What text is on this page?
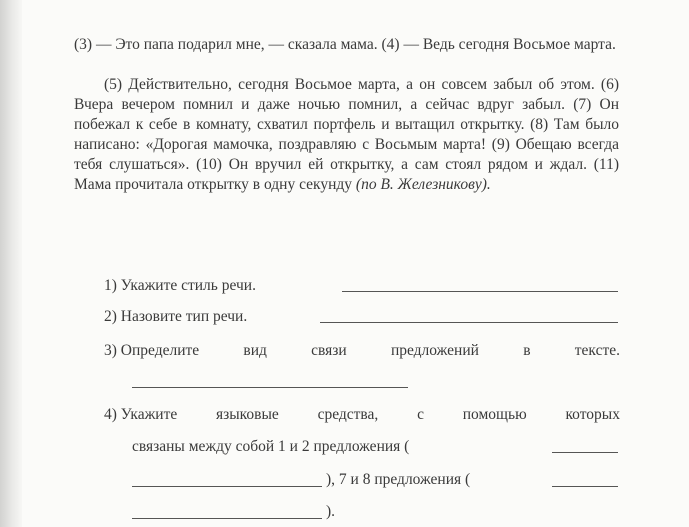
(3) — Это папа подарил мне, — сказала мама. (4) — Ведь сегодня Восьмое марта.

(5) Действительно, сегодня Восьмое марта, а он совсем забыл об этом. (6) Вчера вечером помнил и даже ночью помнил, а сейчас вдруг забыл. (7) Он побежал к себе в комнату, схватил портфель и вытащил открытку. (8) Там было написано: «Дорогая мамочка, поздравляю с Восьмым марта! (9) Обещаю всегда тебя слушаться». (10) Он вручил ей открытку, а сам стоял рядом и ждал. (11) Мама прочитала открытку в одну секунду (по В. Железникову).

1) Укажите стиль речи.
2) Назовите тип речи.
3) Определите	вид	связи	предложений	в	тексте.
4) Укажите	языковые	средства,	с	помощью	которых
связаны между собой 1 и 2 предложения (
), 7 и 8 предложения (
).
